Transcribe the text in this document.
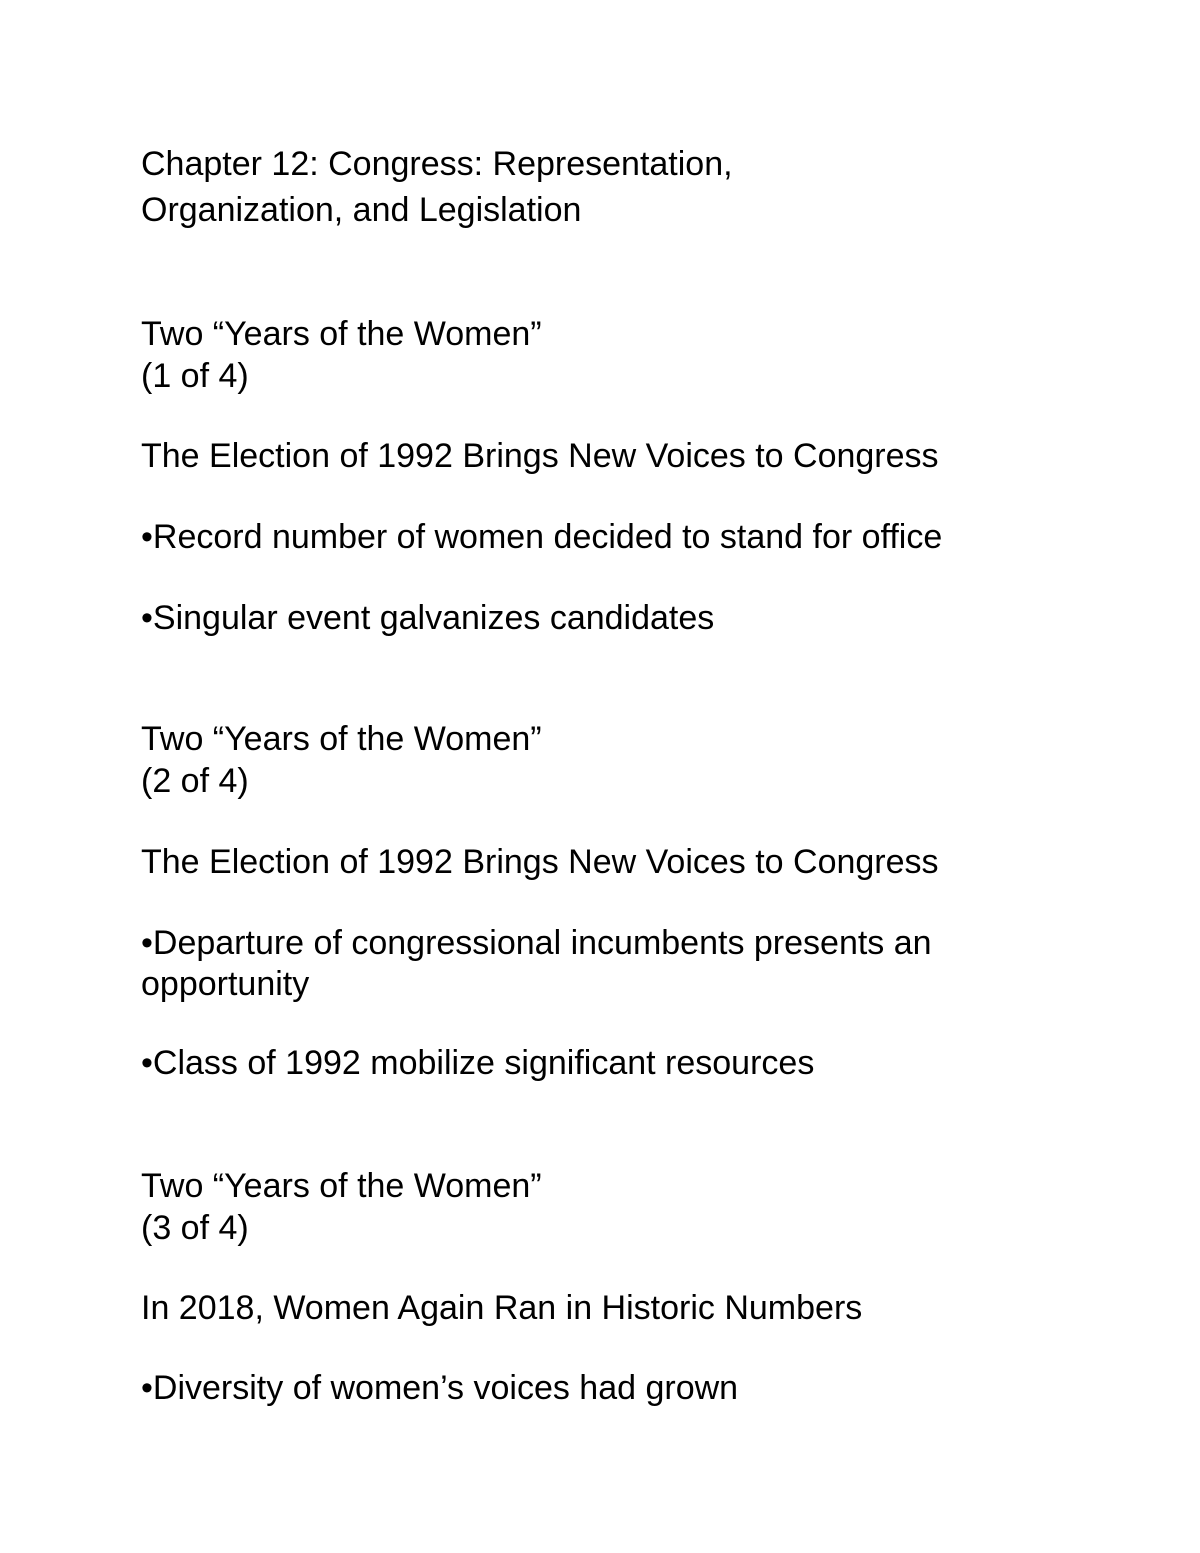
Chapter 12: Congress: Representation,
Organization, and Legislation

Two “Years of the Women”

(1 of 4)

The Election of 1992 Brings New Voices to Congress

•Record number of women decided to stand for office

•Singular event galvanizes candidates

Two “Years of the Women”

(2 of 4)

The Election of 1992 Brings New Voices to Congress

•Departure of congressional incumbents presents an

opportunity

•Class of 1992 mobilize significant resources

Two “Years of the Women”

(3 of 4)

In 2018, Women Again Ran in Historic Numbers

•Diversity of women’s voices had grown
